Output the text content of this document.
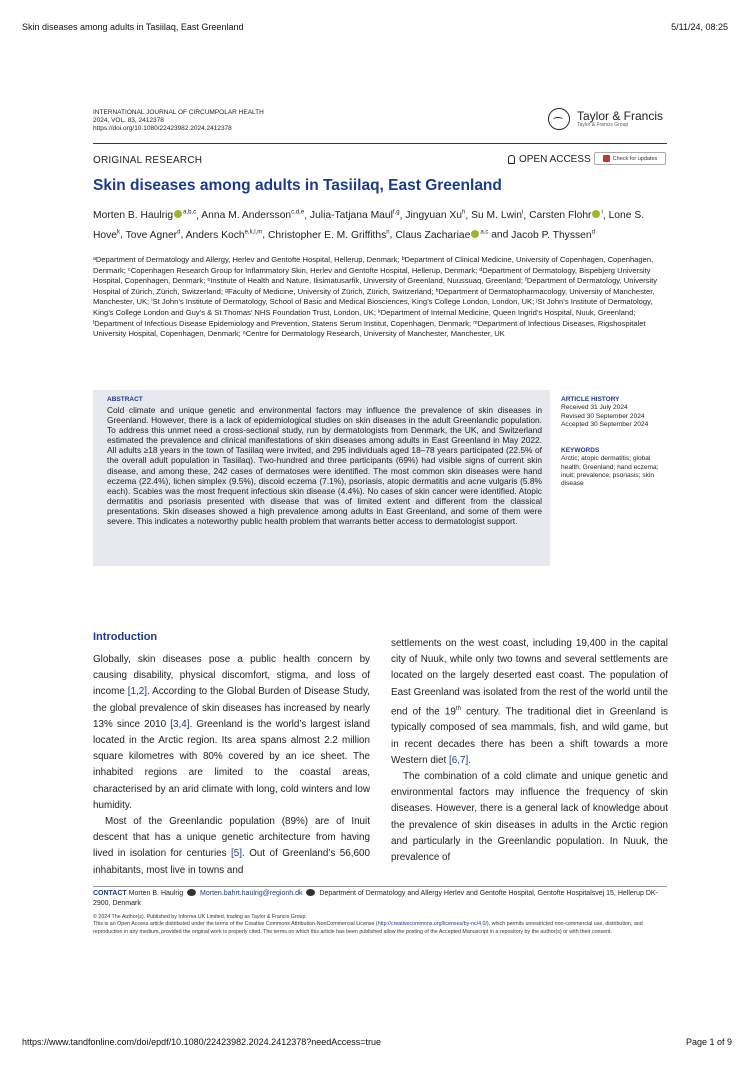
Skin diseases among adults in Tasiilaq, East Greenland	5/11/24, 08:25
https://www.tandfonline.com/doi/epdf/10.1080/22423982.2024.2412378?needAccess=true	Page 1 of 9
INTERNATIONAL JOURNAL OF CIRCUMPOLAR HEALTH
2024, VOL. 83, 2412378
https://doi.org/10.1080/22423982.2024.2412378
Taylor & Francis
Taylor & Francis Group
ORIGINAL RESEARCH	OPEN ACCESS	Check for updates
Skin diseases among adults in Tasiilaq, East Greenland
Morten B. Haulrig $^{a,b,c}$, Anna M. Andersson$^{c,d,e}$, Julia-Tatjana Maul$^{f,g}$, Jingyuan Xu$^h$, Su M. Lwin$^i$, Carsten Flohr $^i$, Lone S. Hove$^k$, Tove Agner$^d$, Anders Koch$^{e,k,l,m}$, Christopher E. M. Griffiths$^n$, Claus Zachariae $^{a,c}$ and Jacob P. Thyssen$^d$
ᵃDepartment of Dermatology and Allergy, Herlev and Gentofte Hospital, Hellerup, Denmark; ᵇDepartment of Clinical Medicine, University of Copenhagen, Copenhagen, Denmark; ᶜCopenhagen Research Group for Inflammatory Skin, Herlev and Gentofte Hospital, Hellerup, Denmark; ᵈDepartment of Dermatology, Bispebjerg University Hospital, Copenhagen, Denmark; ᵉInstitute of Health and Nature, Ilisimatusarfik, University of Greenland, Nuussuaq, Greenland; ᶠDepartment of Dermatology, University Hospital of Zürich, Zürich, Switzerland; ᵍFaculty of Medicine, University of Zürich, Zürich, Switzerland; ʰDepartment of Dermatopharmacology, University of Manchester, Manchester, UK; ⁱSt John’s Institute of Dermatology, School of Basic and Medical Biosciences, King’s College London, London, UK; ʲSt John’s Institute of Dermatology, King’s College London and Guy’s & St Thomas’ NHS Foundation Trust, London, UK; ᵏDepartment of Internal Medicine, Queen Ingrid’s Hospital, Nuuk, Greenland; ˡDepartment of Infectious Disease Epidemiology and Prevention, Statens Serum Institut, Copenhagen, Denmark; ᵐDepartment of Infectious Diseases, Rigshospitalet University Hospital, Copenhagen, Denmark; ⁿCentre for Dermatology Research, University of Manchester, Manchester, UK
ABSTRACT
Cold climate and unique genetic and environmental factors may influence the prevalence of skin diseases in Greenland. However, there is a lack of epidemiological studies on skin diseases in the adult Greenlandic population. To address this unmet need a cross-sectional study, run by dermatologists from Denmark, the UK, and Switzerland estimated the prevalence and clinical manifestations of skin diseases among adults in East Greenland in May 2022. All adults ≥18 years in the town of Tasiilaq were invited, and 295 individuals aged 18–78 years participated (22.5% of the overall adult population in Tasiilaq). Two-hundred and three participants (69%) had visible signs of current skin disease, and among these, 242 cases of dermatoses were identified. The most common skin diseases were hand eczema (22.4%), lichen simplex (9.5%), discoid eczema (7.1%), psoriasis, atopic dermatitis and acne vulgaris (5.8% each). Scabies was the most frequent infectious skin disease (4.4%). No cases of skin cancer were identified. Atopic dermatitis and psoriasis presented with disease that was of limited extent and different from the classical presentations. Skin diseases showed a high prevalence among adults in East Greenland, and some of them were severe. This indicates a noteworthy public health problem that warrants better access to dermatologist support.
ARTICLE HISTORY
Received 31 July 2024
Revised 30 September 2024
Accepted 30 September 2024
KEYWORDS
Arctic; atopic dermatitis; global health; Greenland; hand eczema; inuit; prevalence; psoriasis; skin disease
Introduction
Globally, skin diseases pose a public health concern by causing disability, physical discomfort, stigma, and loss of income [1,2]. According to the Global Burden of Disease Study, the global prevalence of skin diseases has increased by nearly 13% since 2010 [3,4]. Greenland is the world’s largest island located in the Arctic region. Its area spans almost 2.2 million square kilometres with 80% covered by an ice sheet. The inhabited regions are limited to the coastal areas, characterised by an arid climate with long, cold winters and low humidity.
Most of the Greenlandic population (89%) are of Inuit descent that has a unique genetic architecture from having lived in isolation for centuries [5]. Out of Greenland’s 56,600 inhabitants, most live in towns and
settlements on the west coast, including 19,400 in the capital city of Nuuk, while only two towns and several settlements are located on the largely deserted east coast. The population of East Greenland was isolated from the rest of the world until the end of the 19th century. The traditional diet in Greenland is typically composed of sea mammals, fish, and wild game, but in recent decades there has been a shift towards a more Western diet [6,7].
The combination of a cold climate and unique genetic and environmental factors may influence the frequency of skin diseases. However, there is a general lack of knowledge about the prevalence of skin diseases in adults in the Arctic region and particularly in the Greenlandic population. In Nuuk, the prevalence of
CONTACT Morten B. Haulrig Morten.bahrt.haulrig@regionh.dk Department of Dermatology and Allergy Herlev and Gentofte Hospital, Gentofte Hospitalsvej 15, Hellerup DK-2900, Denmark
© 2024 The Author(s). Published by Informa UK Limited, trading as Taylor & Francis Group.
This is an Open Access article distributed under the terms of the Creative Commons Attribution-NonCommercial License (http://creativecommons.org/licenses/by-nc/4.0/), which permits unrestricted non-commercial use, distribution, and reproduction in any medium, provided the original work is properly cited. The terms on which this article has been published allow the posting of the Accepted Manuscript in a repository by the author(s) or with their consent.
